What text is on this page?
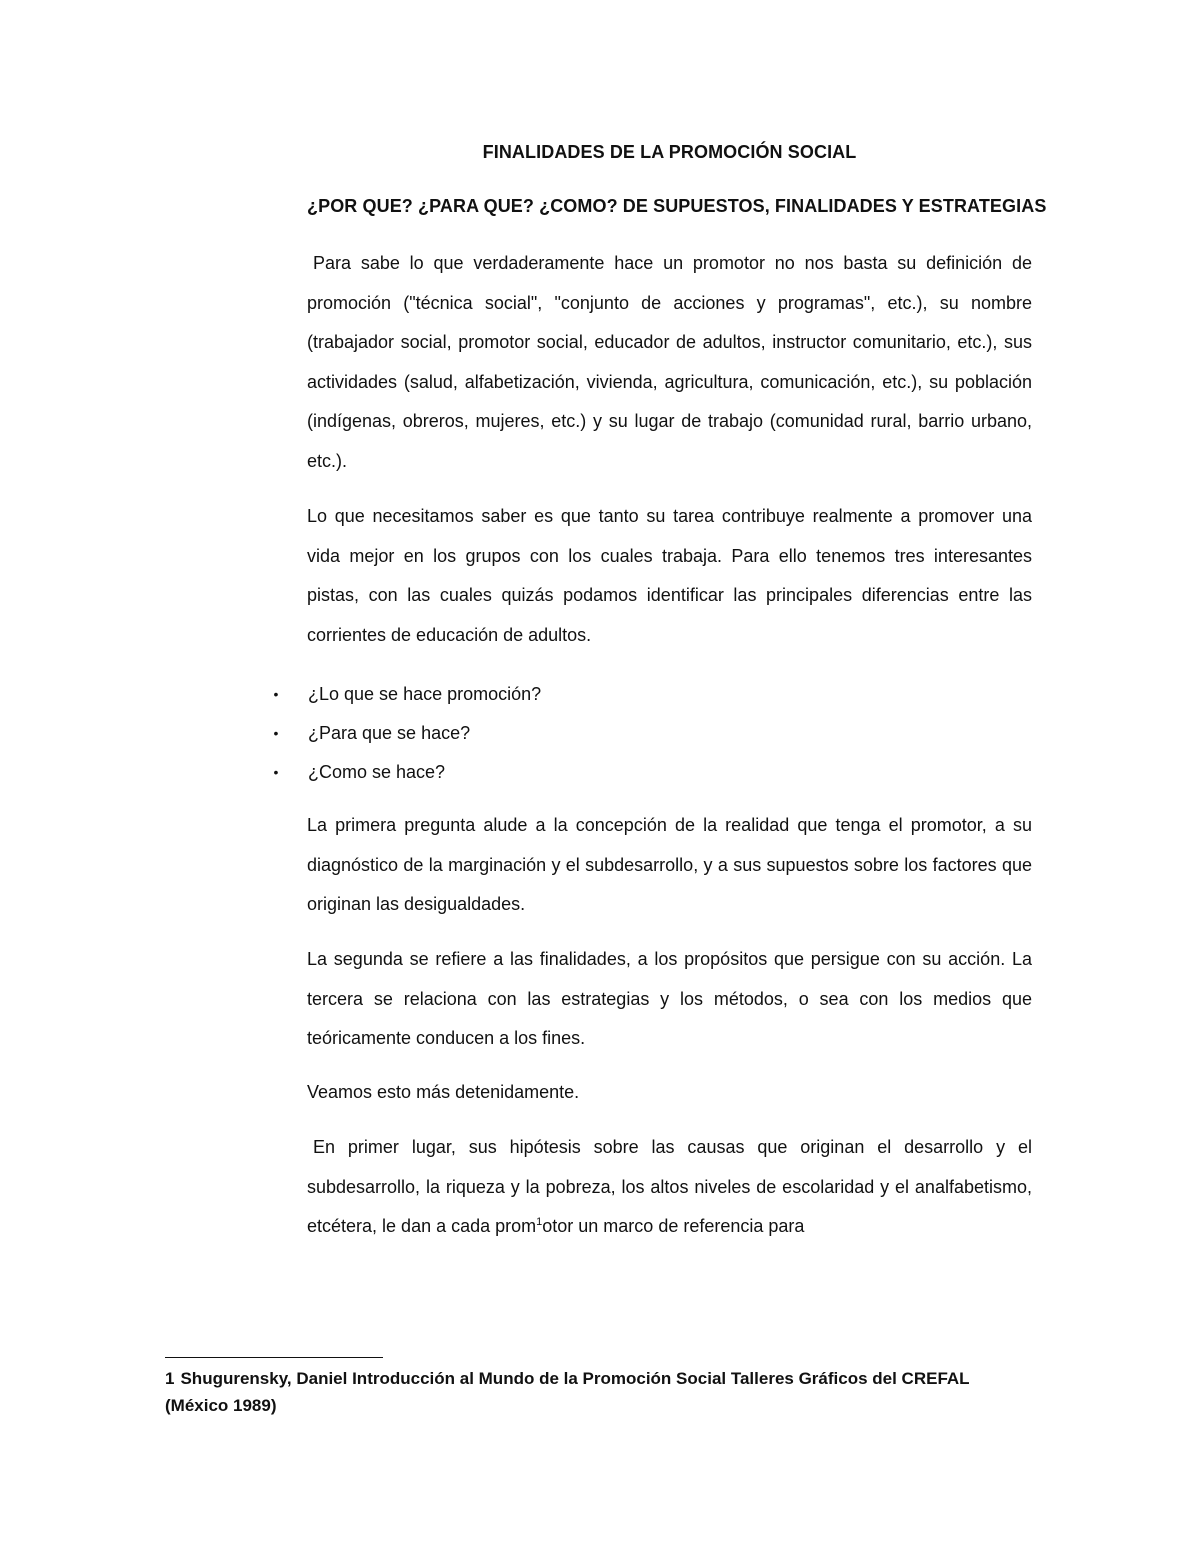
FINALIDADES DE LA PROMOCIÓN SOCIAL
¿POR QUE? ¿PARA QUE? ¿COMO? DE SUPUESTOS, FINALIDADES Y ESTRATEGIAS

Para sabe lo que verdaderamente hace un promotor no nos basta su definición de promoción ("técnica social", "conjunto de acciones y programas", etc.), su nombre (trabajador social, promotor social, educador de adultos, instructor comunitario, etc.), sus actividades (salud, alfabetización, vivienda, agricultura, comunicación, etc.), su población (indígenas, obreros, mujeres, etc.) y su lugar de trabajo (comunidad rural, barrio urbano, etc.).

Lo que necesitamos saber es que tanto su tarea contribuye realmente a promover una vida mejor en los grupos con los cuales trabaja. Para ello tenemos tres interesantes pistas, con las cuales quizás podamos identificar las principales diferencias entre las corrientes de educación de adultos.

•	¿Lo que se hace promoción?
•	¿Para que se hace?
•	¿Como se hace?

La primera pregunta alude a la concepción de la realidad que tenga el promotor, a su diagnóstico de la marginación y el subdesarrollo, y a sus supuestos sobre los factores que originan las desigualdades.

La segunda se refiere a las finalidades, a los propósitos que persigue con su acción. La tercera se relaciona con las estrategias y los métodos, o sea con los medios que teóricamente conducen a los fines.

Veamos esto más detenidamente.

En primer lugar, sus hipótesis sobre las causas que originan el desarrollo y el subdesarrollo, la riqueza y la pobreza, los altos niveles de escolaridad y el analfabetismo, etcétera, le dan a cada prom$^1$otor un marco de referencia para

1 Shugurensky, Daniel Introducción al Mundo de la Promoción Social Talleres Gráficos del CREFAL (México 1989)
